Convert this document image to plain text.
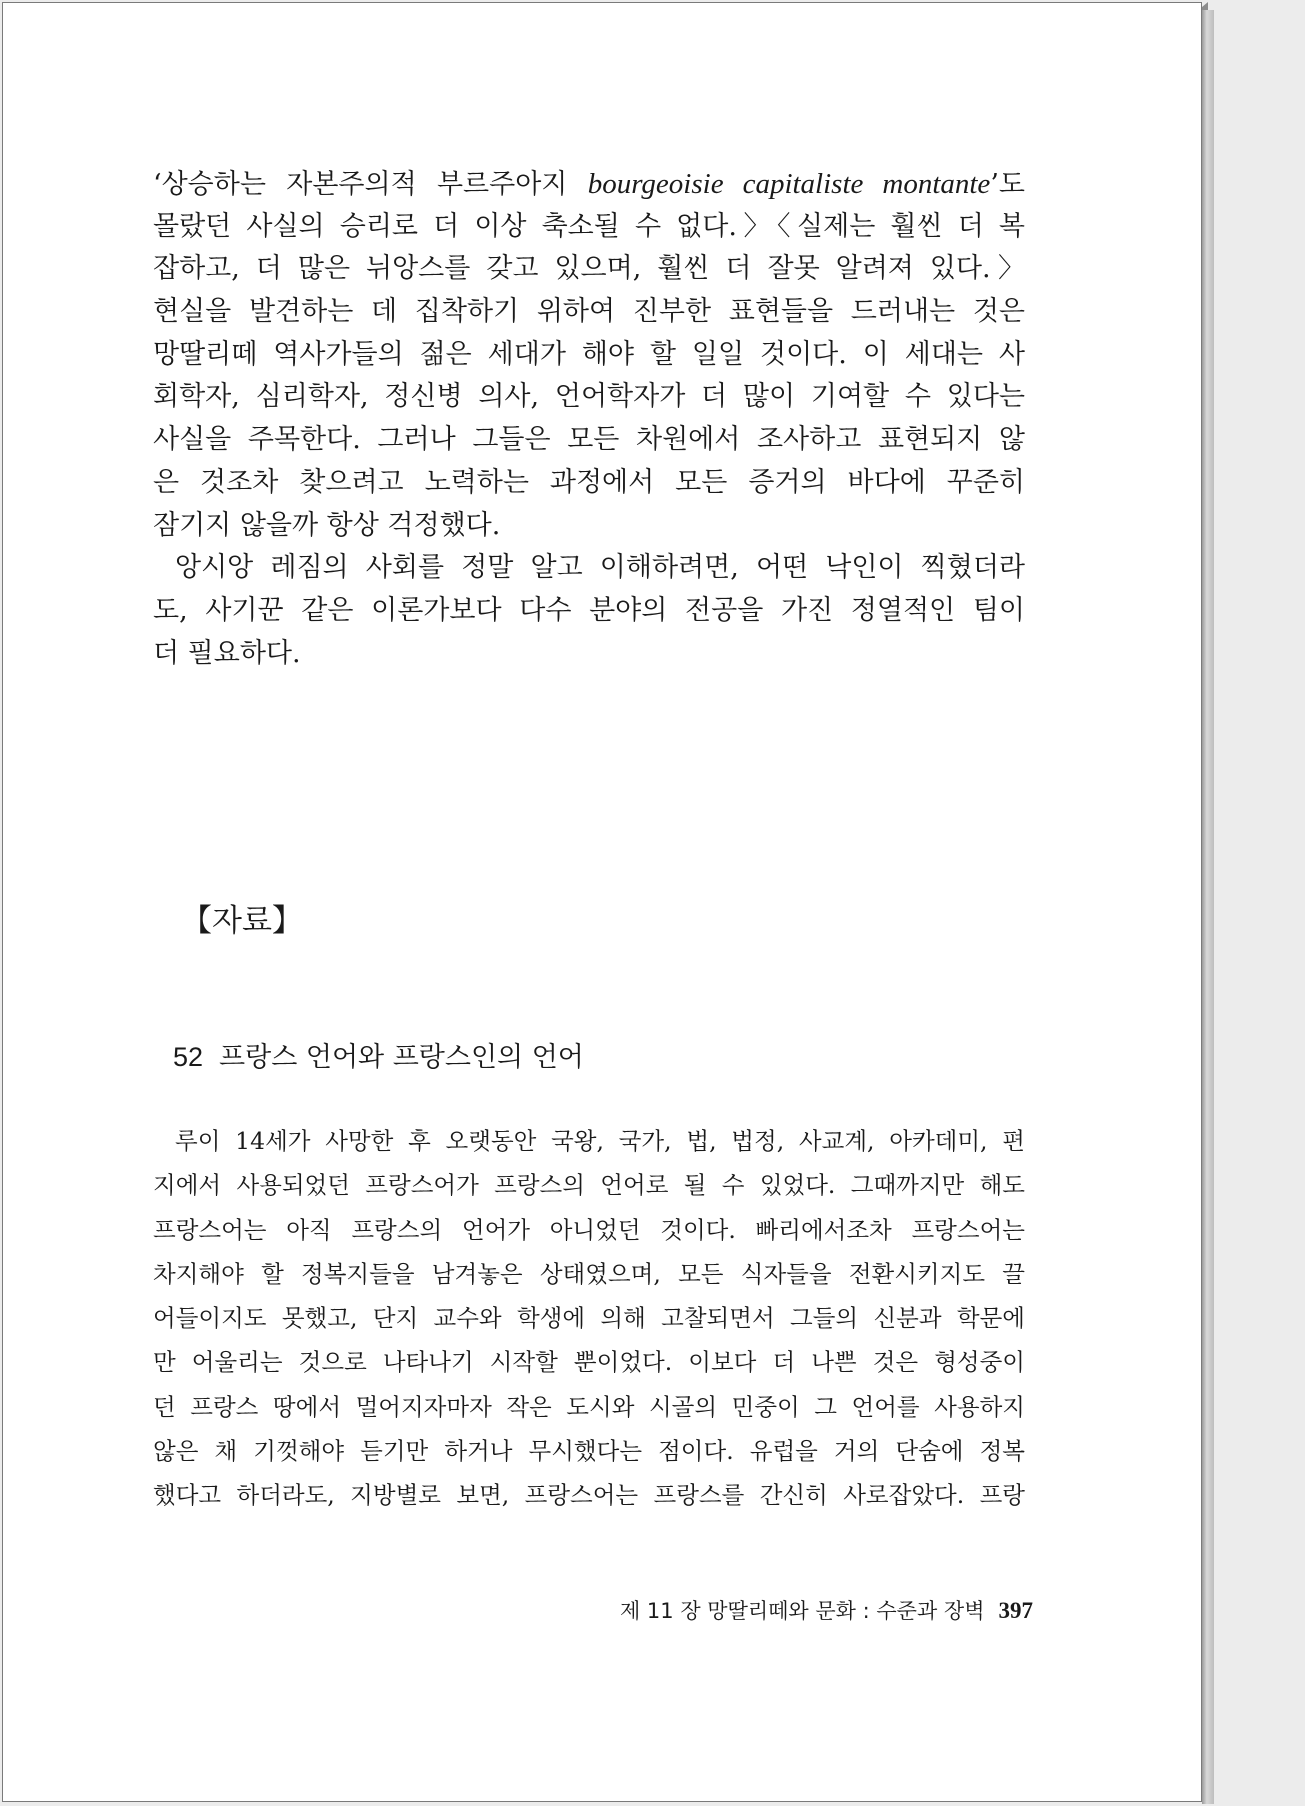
‘상승하는 자본주의적 부르주아지 bourgeoisie capitaliste montante’도
몰랐던 사실의 승리로 더 이상 축소될 수 없다.〉〈실제는 훨씬 더 복
잡하고, 더 많은 뉘앙스를 갖고 있으며, 훨씬 더 잘못 알려져 있다.〉
현실을 발견하는 데 집착하기 위하여 진부한 표현들을 드러내는 것은
망딸리떼 역사가들의 젊은 세대가 해야 할 일일 것이다. 이 세대는 사
회학자, 심리학자, 정신병 의사, 언어학자가 더 많이 기여할 수 있다는
사실을 주목한다. 그러나 그들은 모든 차원에서 조사하고 표현되지 않
은 것조차 찾으려고 노력하는 과정에서 모든 증거의 바다에 꾸준히
잠기지 않을까 항상 걱정했다.
앙시앙 레짐의 사회를 정말 알고 이해하려면, 어떤 낙인이 찍혔더라
도, 사기꾼 같은 이론가보다 다수 분야의 전공을 가진 정열적인 팀이
더 필요하다.
【자료】
52 프랑스 언어와 프랑스인의 언어
루이 14세가 사망한 후 오랫동안 국왕, 국가, 법, 법정, 사교계, 아카데미, 편
지에서 사용되었던 프랑스어가 프랑스의 언어로 될 수 있었다. 그때까지만 해도
프랑스어는 아직 프랑스의 언어가 아니었던 것이다. 빠리에서조차 프랑스어는
차지해야 할 정복지들을 남겨놓은 상태였으며, 모든 식자들을 전환시키지도 끌
어들이지도 못했고, 단지 교수와 학생에 의해 고찰되면서 그들의 신분과 학문에
만 어울리는 것으로 나타나기 시작할 뿐이었다. 이보다 더 나쁜 것은 형성중이
던 프랑스 땅에서 멀어지자마자 작은 도시와 시골의 민중이 그 언어를 사용하지
않은 채 기껏해야 듣기만 하거나 무시했다는 점이다. 유럽을 거의 단숨에 정복
했다고 하더라도, 지방별로 보면, 프랑스어는 프랑스를 간신히 사로잡았다. 프랑
제 11 장 망딸리떼와 문화 : 수준과 장벽 397
